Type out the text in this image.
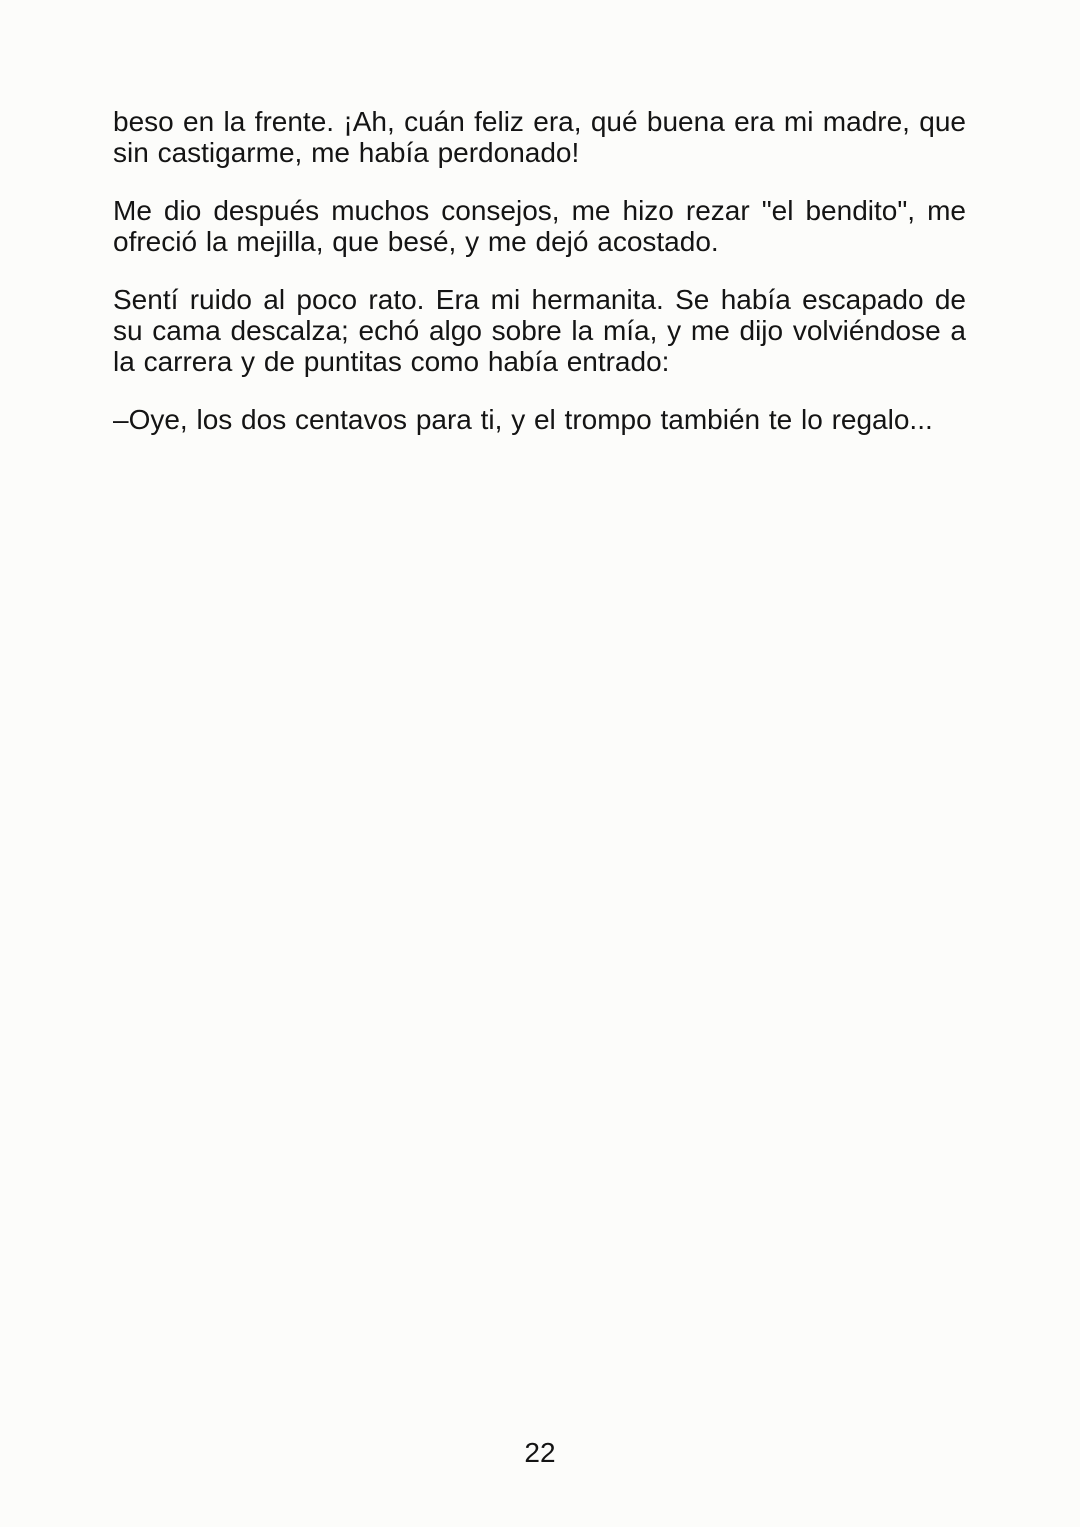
beso en la frente. ¡Ah, cuán feliz era, qué buena era mi madre, que sin castigarme, me había perdonado!

Me dio después muchos consejos, me hizo rezar "el bendito", me ofreció la mejilla, que besé, y me dejó acostado.

Sentí ruido al poco rato. Era mi hermanita. Se había escapado de su cama descalza; echó algo sobre la mía, y me dijo volviéndose a la carrera y de puntitas como había entrado:

–Oye, los dos centavos para ti, y el trompo también te lo regalo...

22
